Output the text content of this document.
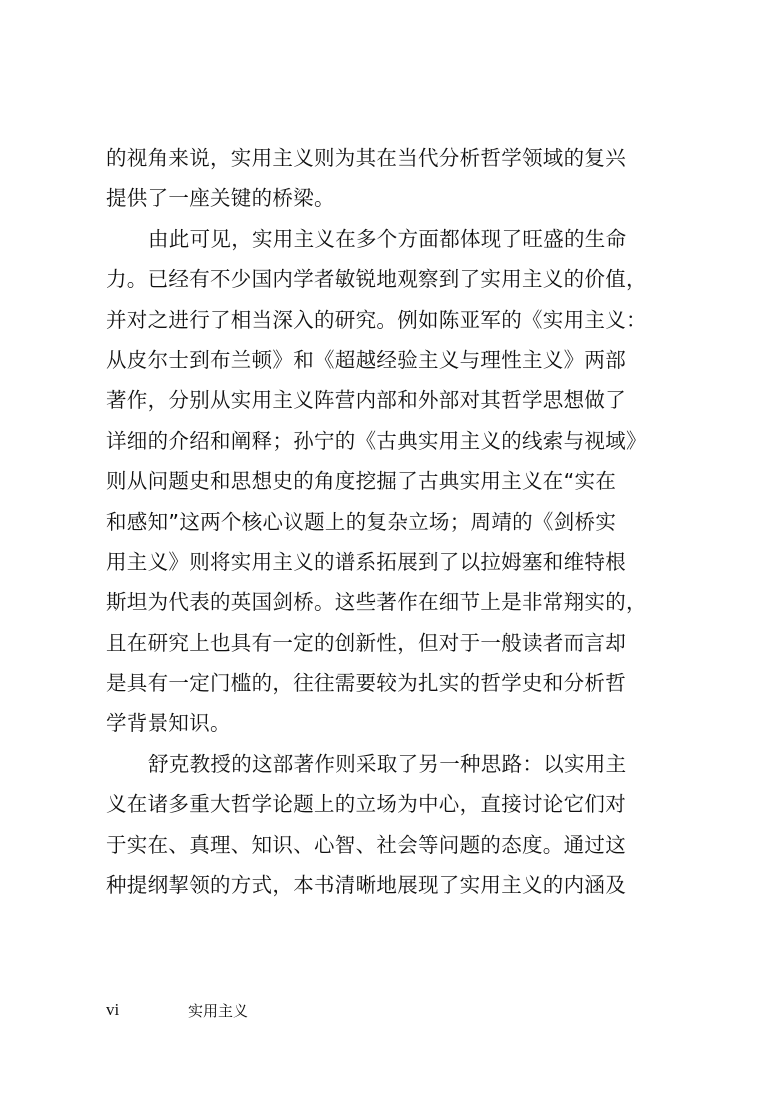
的视角来说，实用主义则为其在当代分析哲学领域的复兴
提供了一座关键的桥梁。
由此可见，实用主义在多个方面都体现了旺盛的生命
力。已经有不少国内学者敏锐地观察到了实用主义的价值，
并对之进行了相当深入的研究。例如陈亚军的《实用主义：
从皮尔士到布兰顿》和《超越经验主义与理性主义》两部
著作，分别从实用主义阵营内部和外部对其哲学思想做了
详细的介绍和阐释；孙宁的《古典实用主义的线索与视域》
则从问题史和思想史的角度挖掘了古典实用主义在“实在
和感知”这两个核心议题上的复杂立场；周靖的《剑桥实
用主义》则将实用主义的谱系拓展到了以拉姆塞和维特根
斯坦为代表的英国剑桥。这些著作在细节上是非常翔实的，
且在研究上也具有一定的创新性，但对于一般读者而言却
是具有一定门槛的，往往需要较为扎实的哲学史和分析哲
学背景知识。
舒克教授的这部著作则采取了另一种思路：以实用主
义在诸多重大哲学论题上的立场为中心，直接讨论它们对
于实在、真理、知识、心智、社会等问题的态度。通过这
种提纲挈领的方式，本书清晰地展现了实用主义的内涵及
vi	实用主义
